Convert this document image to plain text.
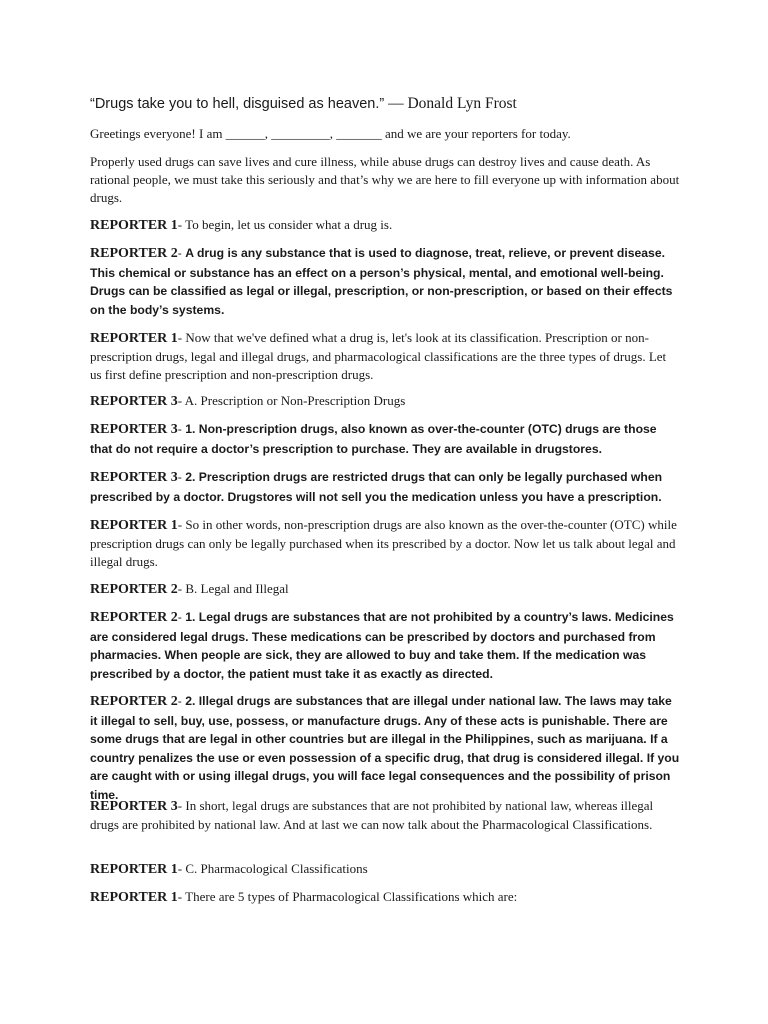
“Drugs take you to hell, disguised as heaven.” — Donald Lyn Frost

Greetings everyone! I am ______, _________, _______ and we are your reporters for today.

Properly used drugs can save lives and cure illness, while abuse drugs can destroy lives and cause death. As rational people, we must take this seriously and that’s why we are here to fill everyone up with information about drugs.

REPORTER 1- To begin, let us consider what a drug is.

REPORTER 2- A drug is any substance that is used to diagnose, treat, relieve, or prevent disease. This chemical or substance has an effect on a person’s physical, mental, and emotional well-being. Drugs can be classified as legal or illegal, prescription, or non-prescription, or based on their effects on the body’s systems.

REPORTER 1- Now that we've defined what a drug is, let's look at its classification. Prescription or non-prescription drugs, legal and illegal drugs, and pharmacological classifications are the three types of drugs. Let us first define prescription and non-prescription drugs.

REPORTER 3- A. Prescription or Non-Prescription Drugs

REPORTER 3- 1. Non-prescription drugs, also known as over-the-counter (OTC) drugs are those that do not require a doctor’s prescription to purchase. They are available in drugstores.

REPORTER 3- 2. Prescription drugs are restricted drugs that can only be legally purchased when prescribed by a doctor. Drugstores will not sell you the medication unless you have a prescription.

REPORTER 1- So in other words, non-prescription drugs are also known as the over-the-counter (OTC) while prescription drugs can only be legally purchased when its prescribed by a doctor. Now let us talk about legal and illegal drugs.

REPORTER 2- B. Legal and Illegal

REPORTER 2- 1. Legal drugs are substances that are not prohibited by a country’s laws. Medicines are considered legal drugs. These medications can be prescribed by doctors and purchased from pharmacies. When people are sick, they are allowed to buy and take them. If the medication was prescribed by a doctor, the patient must take it as exactly as directed.

REPORTER 2- 2. Illegal drugs are substances that are illegal under national law. The laws may take it illegal to sell, buy, use, possess, or manufacture drugs. Any of these acts is punishable. There are some drugs that are legal in other countries but are illegal in the Philippines, such as marijuana. If a country penalizes the use or even possession of a specific drug, that drug is considered illegal. If you are caught with or using illegal drugs, you will face legal consequences and the possibility of prison time.

REPORTER 3- In short, legal drugs are substances that are not prohibited by national law, whereas illegal drugs are prohibited by national law. And at last we can now talk about the Pharmacological Classifications.

REPORTER 1- C. Pharmacological Classifications

REPORTER 1- There are 5 types of Pharmacological Classifications which are:
